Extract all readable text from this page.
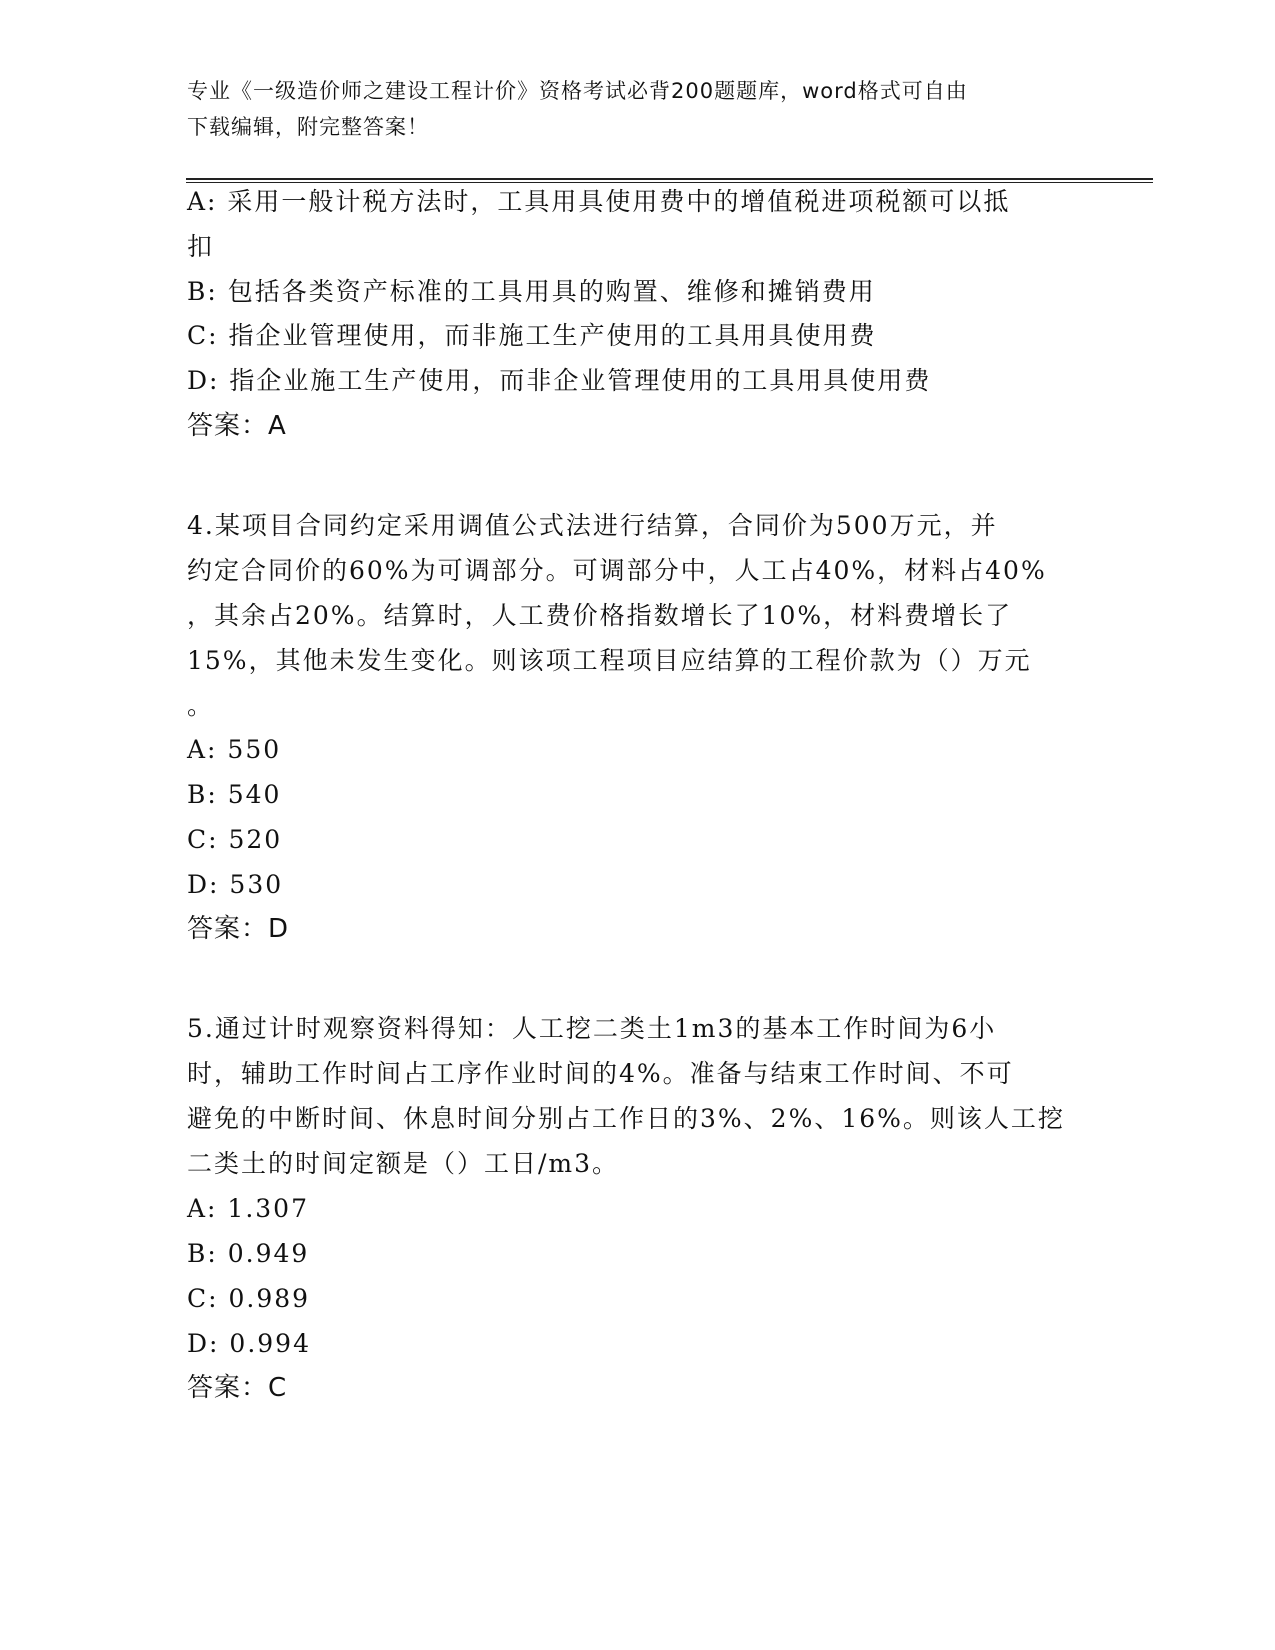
专业《一级造价师之建设工程计价》资格考试必背200题题库，word格式可自由
下载编辑，附完整答案！
A: 采用一般计税方法时，工具用具使用费中的增值税进项税额可以抵
扣
B: 包括各类资产标准的工具用具的购置、维修和摊销费用
C: 指企业管理使用，而非施工生产使用的工具用具使用费
D: 指企业施工生产使用，而非企业管理使用的工具用具使用费
答案：A
4.某项目合同约定采用调值公式法进行结算，合同价为500万元，并
约定合同价的60%为可调部分。可调部分中，人工占40%，材料占40%
，其余占20%。结算时，人工费价格指数增长了10%，材料费增长了
15%，其他未发生变化。则该项工程项目应结算的工程价款为（）万元
。
A: 550
B: 540
C: 520
D: 530
答案：D
5.通过计时观察资料得知：人工挖二类土1m3的基本工作时间为6小
时，辅助工作时间占工序作业时间的4%。准备与结束工作时间、不可
避免的中断时间、休息时间分别占工作日的3%、2%、16%。则该人工挖
二类土的时间定额是（）工日/m3。
A: 1.307
B: 0.949
C: 0.989
D: 0.994
答案：C
